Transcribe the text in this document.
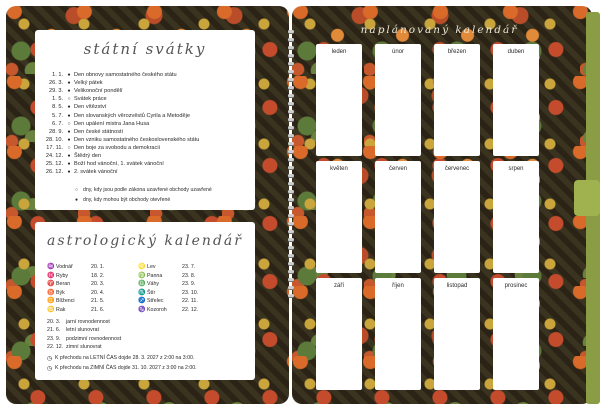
státní svátky
1. 1. ● Den obnovy samostatného českého státu
26. 3. ● Velký pátek
29. 3. ● Velikonoční pondělí
1. 5. ○ Svátek práce
8. 5. ● Den vítězství
5. 7. ● Den slovanských věrozvěstů Cyrila a Metoděje
6. 7. ○ Den upálení mistra Jana Husa
28. 9. ● Den české státnosti
28. 10. ● Den vzniku samostatného československého státu
17. 11. ○ Den boje za svobodu a demokracii
24. 12. ● Štědrý den
25. 12. ● Boží hod vánoční, 1. svátek vánoční
26. 12. ● 2. svátek vánoční
○ dny, kdy jsou podle zákona uzavřené obchody uzavřené
● dny, kdy mohou být obchody otevřené
astrologický kalendář
♒ Vodnář	20. 1.	♌ Lev	23. 7.
♓ Ryby	18. 2.	♍ Panna	23. 8.
♈ Beran	20. 3.	♎ Váhy	23. 9.
♉ Býk	20. 4.	♏ Štír	23. 10.
♊ Blíženci	21. 5.	♐ Střelec	22. 11.
♋ Rak	21. 6.	♑ Kozoroh	22. 12.
20. 3.	jarní rovnodennost
21. 6.	letní slunovrat
23. 9.	podzimní rovnodennost
22. 12. zimní slunovrat
◷ K přechodu na LETNÍ ČAS dojde 28. 3. 2027 z 2:00 na 3:00.
◷ K přechodu na ZIMNÍ ČAS dojde 31. 10. 2027 z 3:00 na 2:00.
naplánovaný kalendář
leden	únor	březen	duben
květen	červen	červenec	srpen
září	říjen	listopad	prosinec
